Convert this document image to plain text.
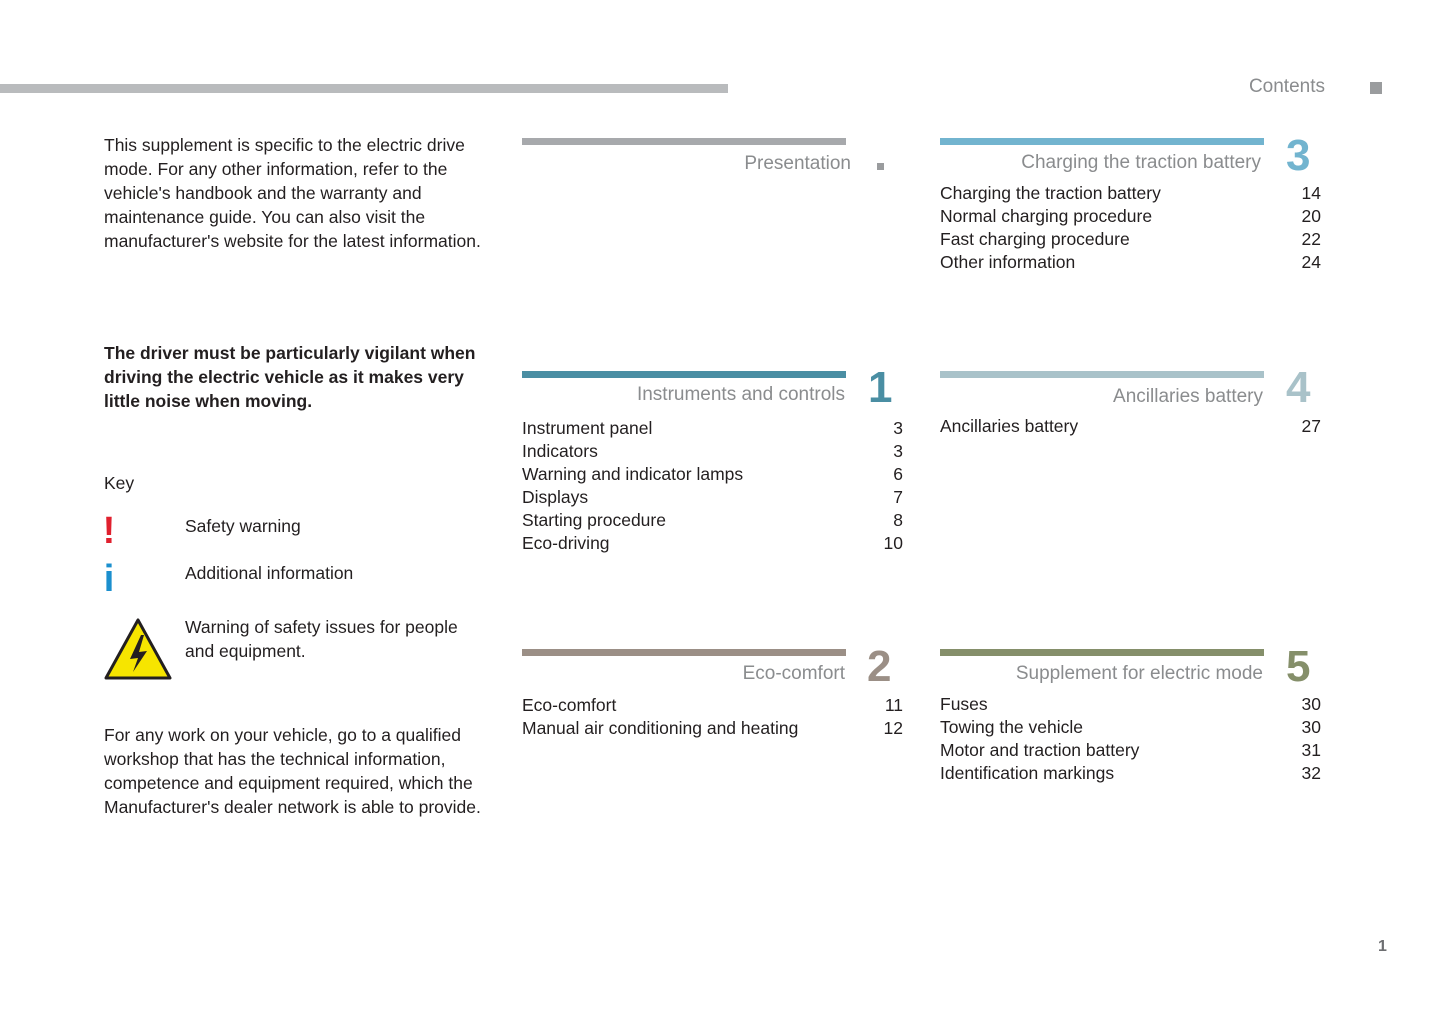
Contents
This supplement is specific to the electric drive mode. For any other information, refer to the vehicle's handbook and the warranty and maintenance guide. You can also visit the manufacturer's website for the latest information.
The driver must be particularly vigilant when driving the electric vehicle as it makes very little noise when moving.
Key
!	Safety warning
i	Additional information
Warning of safety issues for people and equipment.
For any work on your vehicle, go to a qualified workshop that has the technical information, competence and equipment required, which the Manufacturer's dealer network is able to provide.
Presentation
Instruments and controls 1
Instrument panel	3
Indicators	3
Warning and indicator lamps	6
Displays	7
Starting procedure	8
Eco-driving	10
Eco-comfort 2
Eco-comfort	11
Manual air conditioning and heating	12
Charging the traction battery 3
Charging the traction battery	14
Normal charging procedure	20
Fast charging procedure	22
Other information	24
Ancillaries battery 4
Ancillaries battery	27
Supplement for electric mode 5
Fuses	30
Towing the vehicle	30
Motor and traction battery	31
Identification markings	32
1
